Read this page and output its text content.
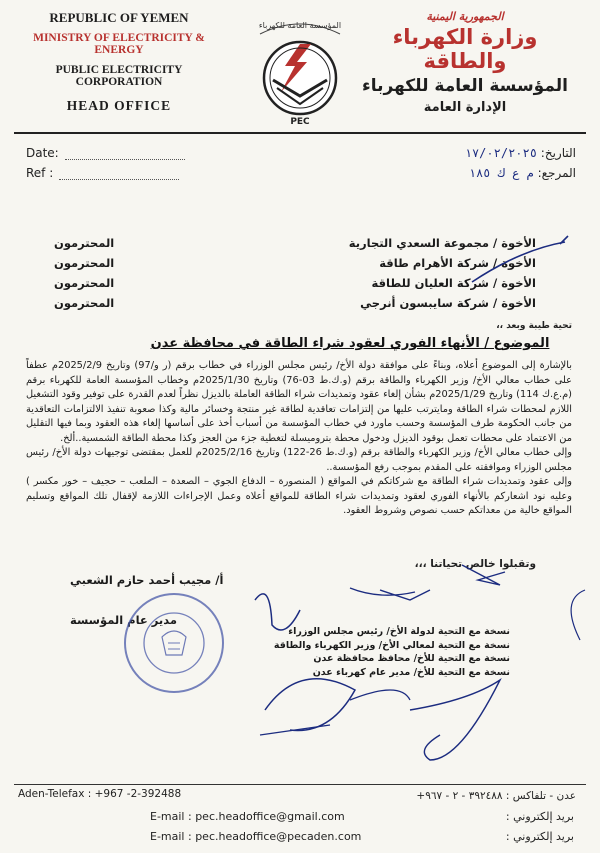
REPUBLIC OF YEMEN
MINISTRY OF ELECTRICITY & ENERGY
PUBLIC ELECTRICITY CORPORATION
HEAD OFFICE
المؤسسة العامة للكهرباء
PEC
الجمهورية اليمنية
وزارة الكهرباء والطاقة
المؤسسة العامة للكهرباء
الإدارة العامة
Date:
Ref :
التاريخ: ١٧/٠٢/٢٠٢٥
المرجع: م ع ك ١٨٥
الأخوة / مجموعة السعدي التجارية
الأخوة / شركة الأهرام طاقة
الأخوة / شركة العليان للطاقة
الأخوة / شركة سايبسون أنرجي
المحترمون
المحترمون
المحترمون
المحترمون
تحية طيبة وبعد ،،
الموضوع / الأنهاء الفوري لعقود شراء الطاقة في محافظة عدن

بالإشارة إلى الموضوع أعلاه، وبناءً على موافقة دولة الأخ/ رئيس مجلس الوزراء في خطاب برقم (ر و/97) وتاريخ 2025/2/9م عطفاً على خطاب معالي الأخ/ وزير الكهرباء والطاقة برقم (و.ك.ط 03-76) وتاريخ 2025/1/30م وخطاب المؤسسة العامة للكهرباء برقم (م.ع.ك 114) وتاريخ 2025/1/29م بشأن إلغاء عقود وتمديدات شراء الطاقة العاملة بالديزل نظراً لعدم القدرة على توفير وقود التشغيل اللازم لمحطات شراء الطاقة ومايترتب عليها من إلتزامات تعاقدية لطاقة غير منتجة وخسائر مالية وكذا صعوبة تنفيذ الالتزامات التعاقدية من جانب الحكومة طرف المؤسسة وحسب ماورد في خطاب المؤسسة من أسباب أخذ على أساسها إلغاء هذه العقود وبما فيها التقليل من الاعتماد على محطات تعمل بوقود الديزل ودخول محطة بتروميسلة لتغطية جزء من العجز وكذا محطة الطاقة الشمسية..ألخ.

وإلى خطاب معالي الأخ/ وزير الكهرباء والطاقة برقم (و.ك.ط 26-122) وتاريخ 2025/2/16م للعمل بمقتضى توجيهات دولة الأخ/ رئيس مجلس الوزراء وموافقته على المقدم بموجب رفع المؤسسة..

وإلى عقود وتمديدات شراء الطاقة مع شركاتكم في المواقع ( المنصورة – الدفاع الجوي – الصعدة – الملعب – حجيف – خور مكسر ) وعليه نود اشعاركم بالأنهاء الفوري لعقود وتمديدات شراء الطاقة للمواقع أعلاه وعمل الإجراءات اللازمة لإقفال تلك المواقع وتسليم المواقع خالية من معداتكم حسب نصوص وشروط العقود.

وتقبلوا خالص تحياتنا ،،،
أ/ مجيب أحمد حازم الشعبي
مدير عام المؤسسة
نسخة مع التحية لدولة الأخ/ رئيس مجلس الوزراء
نسخة مع التحية لمعالي الأخ/ وزير الكهرباء والطاقة
نسخة مع التحية للأخ/ محافظ محافظة عدن
نسخة مع التحية للأخ/ مدير عام كهرباء عدن
Aden-Telefax : +967 -2-392488	عدن - تلفاكس : ٣٩٢٤٨٨ - ٢ - ٩٦٧+
E-mail : pec.headoffice@gmail.com
E-mail : pec.headoffice@pecaden.com
بريد إلكتروني :
بريد إلكتروني :
